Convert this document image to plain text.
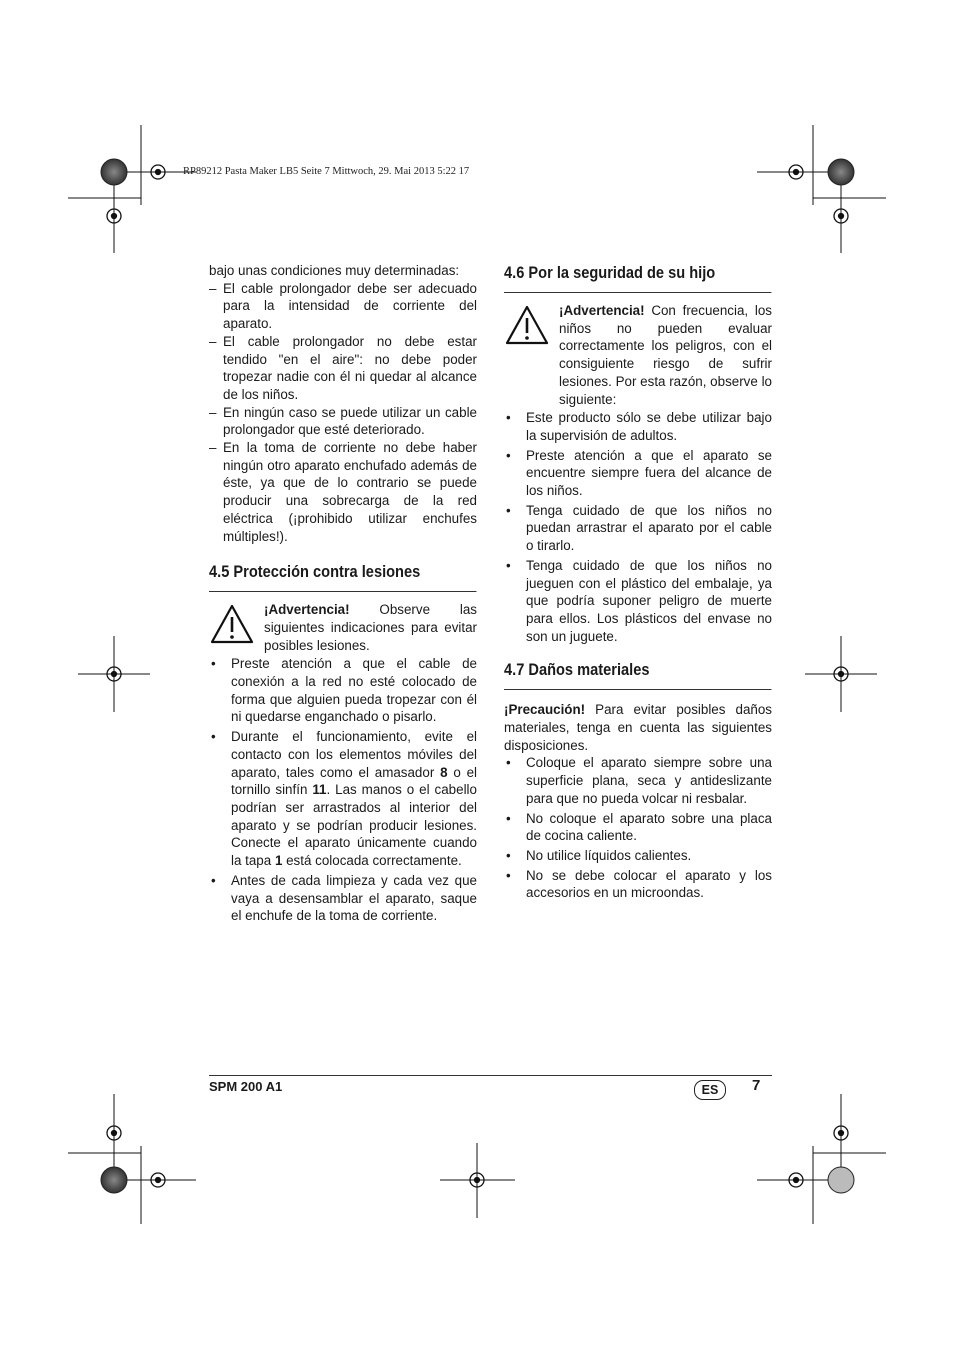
RP89212 Pasta Maker LB5 Seite 7 Mittwoch, 29. Mai 2013 5:22 17

bajo unas condiciones muy determinadas:

– El cable prolongador debe ser adecuado para la intensidad de corriente del aparato.
– El cable prolongador no debe estar tendido "en el aire": no debe poder tropezar nadie con él ni quedar al alcance de los niños.
– En ningún caso se puede utilizar un cable prolongador que esté deteriorado.
– En la toma de corriente no debe haber ningún otro aparato enchufado además de éste, ya que de lo contrario se puede producir una sobrecarga de la red eléctrica (¡prohibido utilizar enchufes múltiples!).
4.5 Protección contra lesiones

¡Advertencia! Observe las siguientes indicaciones para evitar posibles lesiones.

• Preste atención a que el cable de conexión a la red no esté colocado de forma que alguien pueda tropezar con él ni quedarse enganchado o pisarlo.
• Durante el funcionamiento, evite el contacto con los elementos móviles del aparato, tales como el amasador 8 o el tornillo sinfín 11. Las manos o el cabello podrían ser arrastrados al interior del aparato y se podrían producir lesiones. Conecte el aparato únicamente cuando la tapa 1 está colocada correctamente.
• Antes de cada limpieza y cada vez que vaya a desensamblar el aparato, saque el enchufe de la toma de corriente.
4.6 Por la seguridad de su hijo

¡Advertencia! Con frecuencia, los niños no pueden evaluar correctamente los peligros, con el consiguiente riesgo de sufrir lesiones. Por esta razón, observe lo siguiente:

• Este producto sólo se debe utilizar bajo la supervisión de adultos.
• Preste atención a que el aparato se encuentre siempre fuera del alcance de los niños.
• Tenga cuidado de que los niños no puedan arrastrar el aparato por el cable o tirarlo.
• Tenga cuidado de que los niños no jueguen con el plástico del embalaje, ya que podría suponer peligro de muerte para ellos. Los plásticos del envase no son un juguete.
4.7 Daños materiales

¡Precaución! Para evitar posibles daños materiales, tenga en cuenta las siguientes disposiciones.

• Coloque el aparato siempre sobre una superficie plana, seca y antideslizante para que no pueda volcar ni resbalar.
• No coloque el aparato sobre una placa de cocina caliente.
• No utilice líquidos calientes.
• No se debe colocar el aparato y los accesorios en un microondas.
SPM 200 A1	ES	7
